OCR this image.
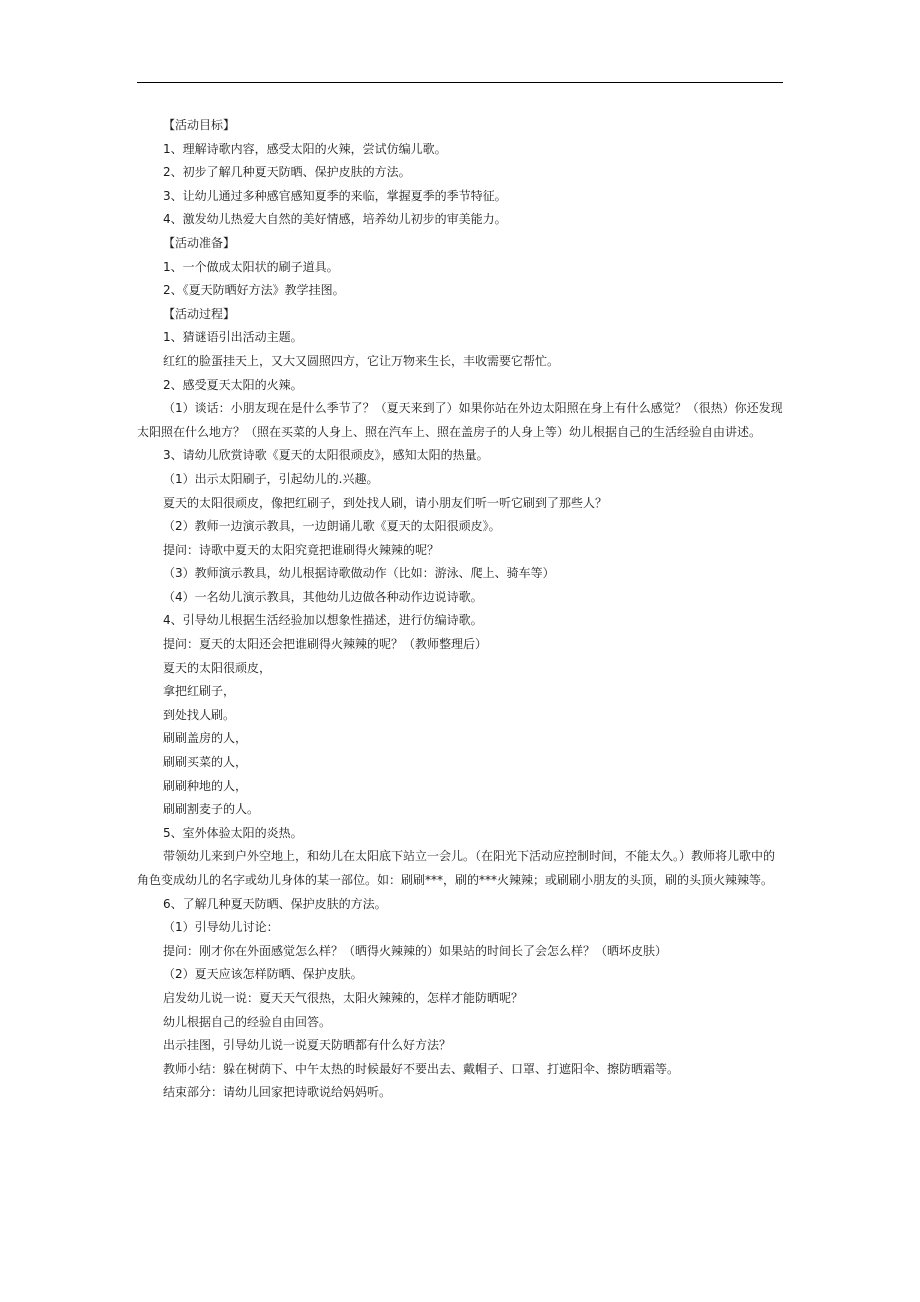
【活动目标】

1、理解诗歌内容，感受太阳的火辣，尝试仿编儿歌。

2、初步了解几种夏天防晒、保护皮肤的方法。

3、让幼儿通过多种感官感知夏季的来临，掌握夏季的季节特征。

4、激发幼儿热爱大自然的美好情感，培养幼儿初步的审美能力。

【活动准备】

1、一个做成太阳状的刷子道具。

2、《夏天防晒好方法》教学挂图。

【活动过程】

1、猜谜语引出活动主题。

红红的脸蛋挂天上，又大又圆照四方，它让万物来生长，丰收需要它帮忙。

2、感受夏天太阳的火辣。

（1）谈话：小朋友现在是什么季节了？（夏天来到了）如果你站在外边太阳照在身上有什么感觉？（很热）你还发现太阳照在什么地方？（照在买菜的人身上、照在汽车上、照在盖房子的人身上等）幼儿根据自己的生活经验自由讲述。

3、请幼儿欣赏诗歌《夏天的太阳很顽皮》，感知太阳的热量。

（1）出示太阳刷子，引起幼儿的.兴趣。

夏天的太阳很顽皮，像把红刷子，到处找人刷，请小朋友们听一听它刷到了那些人？

（2）教师一边演示教具，一边朗诵儿歌《夏天的太阳很顽皮》。

提问：诗歌中夏天的太阳究竟把谁刷得火辣辣的呢？

（3）教师演示教具，幼儿根据诗歌做动作（比如：游泳、爬上、骑车等）

（4）一名幼儿演示教具，其他幼儿边做各种动作边说诗歌。

4、引导幼儿根据生活经验加以想象性描述，进行仿编诗歌。

提问：夏天的太阳还会把谁刷得火辣辣的呢？（教师整理后）

夏天的太阳很顽皮，

拿把红刷子，

到处找人刷。

刷刷盖房的人，

刷刷买菜的人，

刷刷种地的人，

刷刷割麦子的人。

5、室外体验太阳的炎热。

带领幼儿来到户外空地上，和幼儿在太阳底下站立一会儿。（在阳光下活动应控制时间，不能太久。）教师将儿歌中的角色变成幼儿的名字或幼儿身体的某一部位。如：刷刷***，刷的***火辣辣；或刷刷小朋友的头顶，刷的头顶火辣辣等。

6、了解几种夏天防晒、保护皮肤的方法。

（1）引导幼儿讨论：

提问：刚才你在外面感觉怎么样？（晒得火辣辣的）如果站的时间长了会怎么样？（晒坏皮肤）

（2）夏天应该怎样防晒、保护皮肤。

启发幼儿说一说：夏天天气很热，太阳火辣辣的，怎样才能防晒呢？

幼儿根据自己的经验自由回答。

出示挂图，引导幼儿说一说夏天防晒都有什么好方法？

教师小结：躲在树荫下、中午太热的时候最好不要出去、戴帽子、口罩、打遮阳伞、擦防晒霜等。

结束部分：请幼儿回家把诗歌说给妈妈听。
